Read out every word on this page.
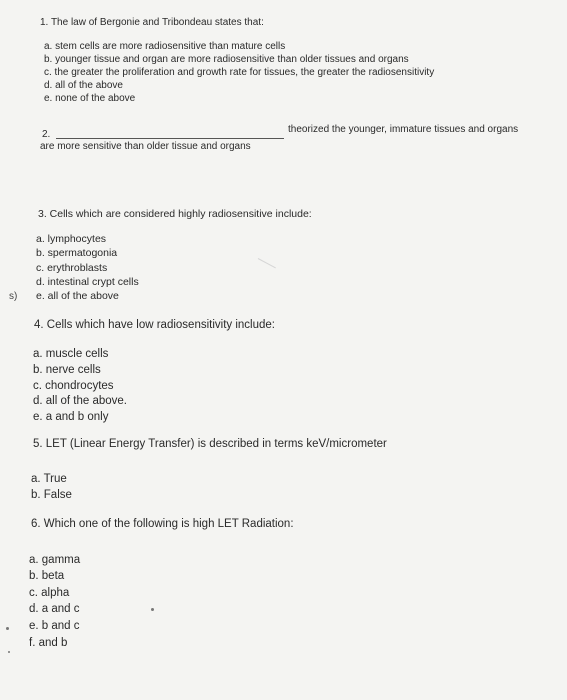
1. The law of Bergonie and Tribondeau states that:
a. stem cells are more radiosensitive than mature cells
b. younger tissue and organ are more radiosensitive than older tissues and organs
c. the greater the proliferation and growth rate for tissues, the greater the radiosensitivity
d. all of the above
e. none of the above
2.	theorized the younger, immature tissues and organs
are more sensitive than older tissue and organs
3. Cells which are considered highly radiosensitive include:
a. lymphocytes
b. spermatogonia
c. erythroblasts
d. intestinal crypt cells
e. all of the above
s)
4. Cells which have low radiosensitivity include:
a. muscle cells
b. nerve cells
c. chondrocytes
d. all of the above.
e. a and b only
5. LET (Linear Energy Transfer) is described in terms keV/micrometer
a. True
b. False
6. Which one of the following is high LET Radiation:
a. gamma
b. beta
c. alpha
d. a and c
e. b and c
f. and b
